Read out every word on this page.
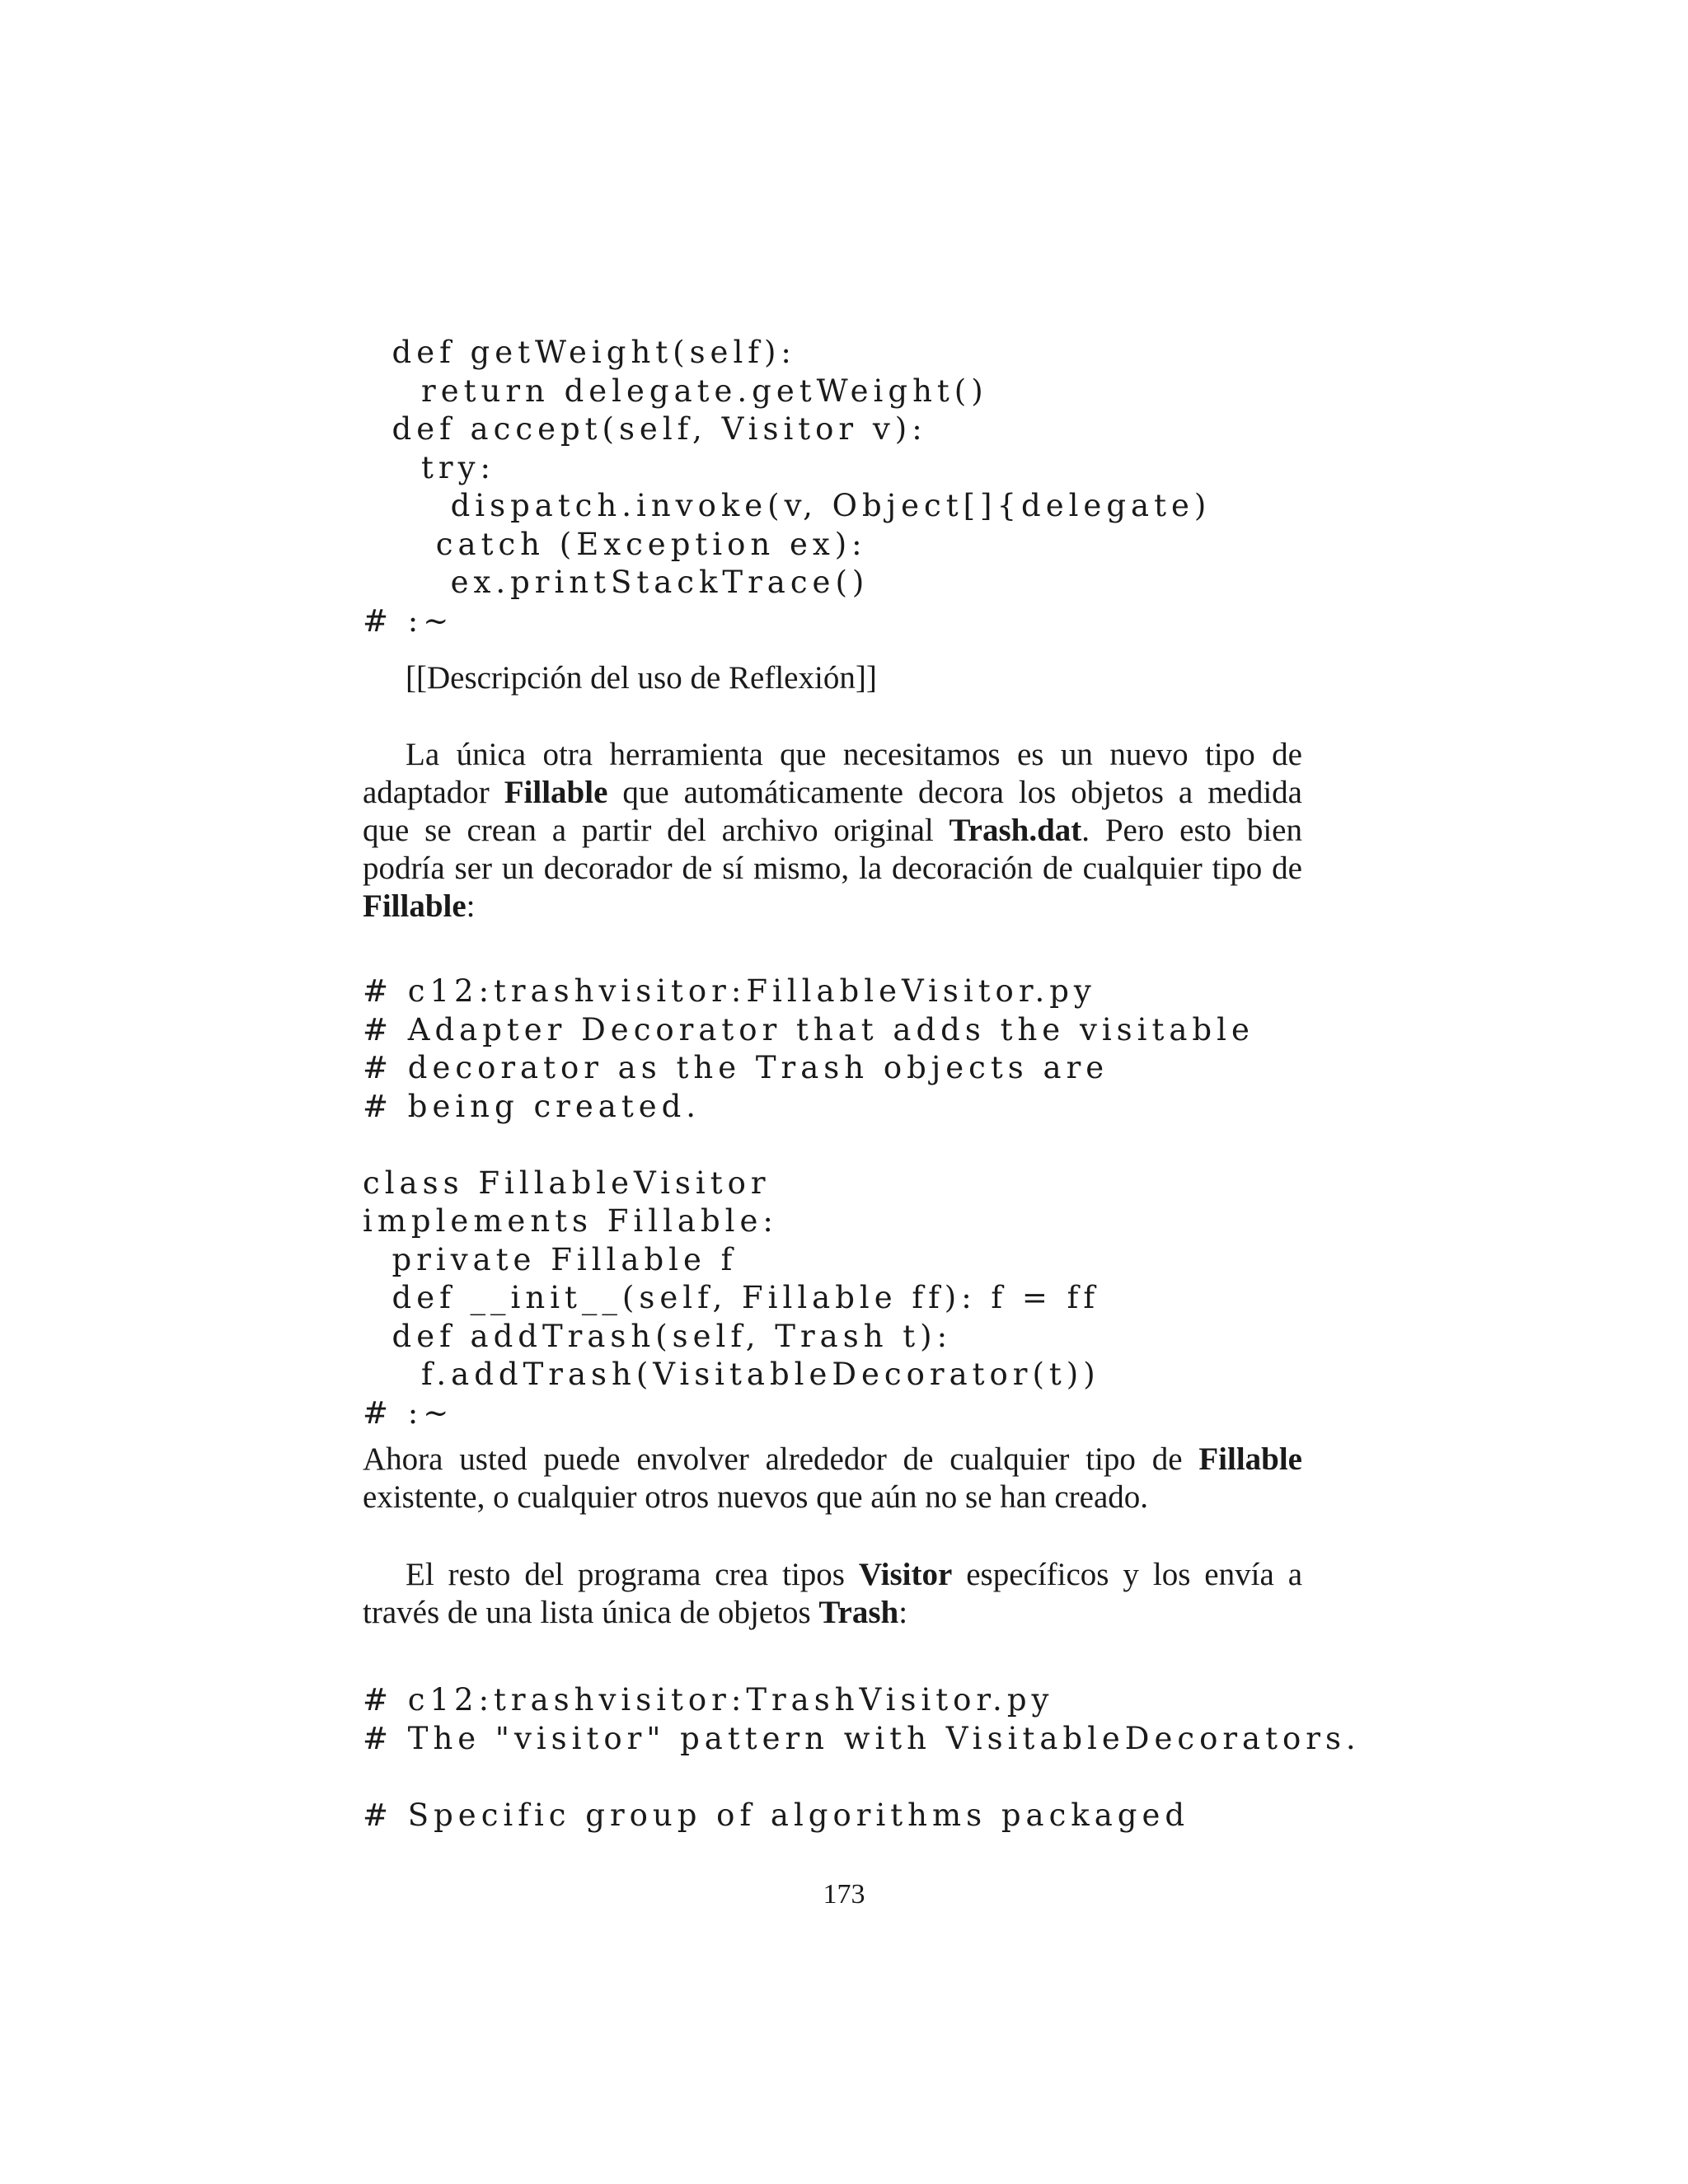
def getWeight(self):
return delegate.getWeight()
def accept(self, Visitor v):
try:
dispatch.invoke(v, Object[]{delegate)
catch (Exception ex):
ex.printStackTrace()
# :~

[[Descripción del uso de Reflexión]]

La única otra herramienta que necesitamos es un nuevo tipo de adaptador Fillable que automáticamente decora los objetos a medida que se crean a partir del archivo original Trash.dat. Pero esto bien podría ser un decorador de sí mismo, la decoración de cualquier tipo de Fillable:

# c12:trashvisitor:FillableVisitor.py
# Adapter Decorator that adds the visitable
# decorator as the Trash objects are
# being created.
class FillableVisitor
implements Fillable:
private Fillable f
def __init__(self, Fillable ff): f = ff
def addTrash(self, Trash t):
f.addTrash(VisitableDecorator(t))
# :~

Ahora usted puede envolver alrededor de cualquier tipo de Fillable existente, o cualquier otros nuevos que aún no se han creado.

El resto del programa crea tipos Visitor específicos y los envía a través de una lista única de objetos Trash:

# c12:trashvisitor:TrashVisitor.py
# The "visitor" pattern with VisitableDecorators.
# Specific group of algorithms packaged
173
